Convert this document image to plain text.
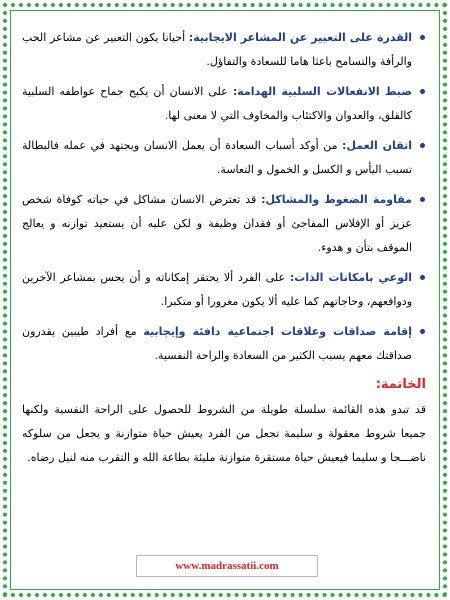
القدرة على التعبير عن المشاعر الايجابية: أحيانا يكون التعبير عن مشاعر الحب والرأفة والتسامح باعثا هاما للسعادة والتفاؤل.
ضبط الانفعالات السلبية الهدامة: على الانسان أن يكبح جماح عواطفه السلبية كالقلق، والعدوان والاكتئاب والمخاوف التي لا معنى لها.
اتقان العمل: من أوكد أسباب السعادة أن يعمل الانسان ويجتهد في عمله فالبطالة تسبب اليأس و الكسل و الخمول و التعاسة.
مقاومة الضغوط والمشاكل: قد تعترض الانسان مشاكل في حياته كوفاة شخص عزيز أو الإفلاس المفاجئ أو فقدان وظيفة و لكن عليه أن يستعيد توازنه و يعالج الموقف بتأن و هدوء.
الوعي بامكانات الذات: على الفرد ألا يحتقر إمكاناته و أن يحس بمشاعر الآخرين ودوافعهم، وحاجاتهم كما عليه ألا يكون مغرورا أو متكبرا.
إقامة صداقات وعلاقات اجتماعية دافئة وإيجابية مع أفراد طيبين يقدرون صداقتك معهم يسبب الكثير من السعادة والراحة النفسية.
الخاتمة:

قد تبدو هذه القائمة سلسلة طويلة من الشروط للحصول على الراحة النفسية ولكنها جميعا شروط معقولة و سليمة تجعل من الفرد يعيش حياة متوازنة و يجعل من سلوكه ناضـــجا و سليما فيعيش حياة مستقرة متوازنة مليئة بطاعة الله و التقرب منه لنيل رضاه.

www.madrassatii.com
